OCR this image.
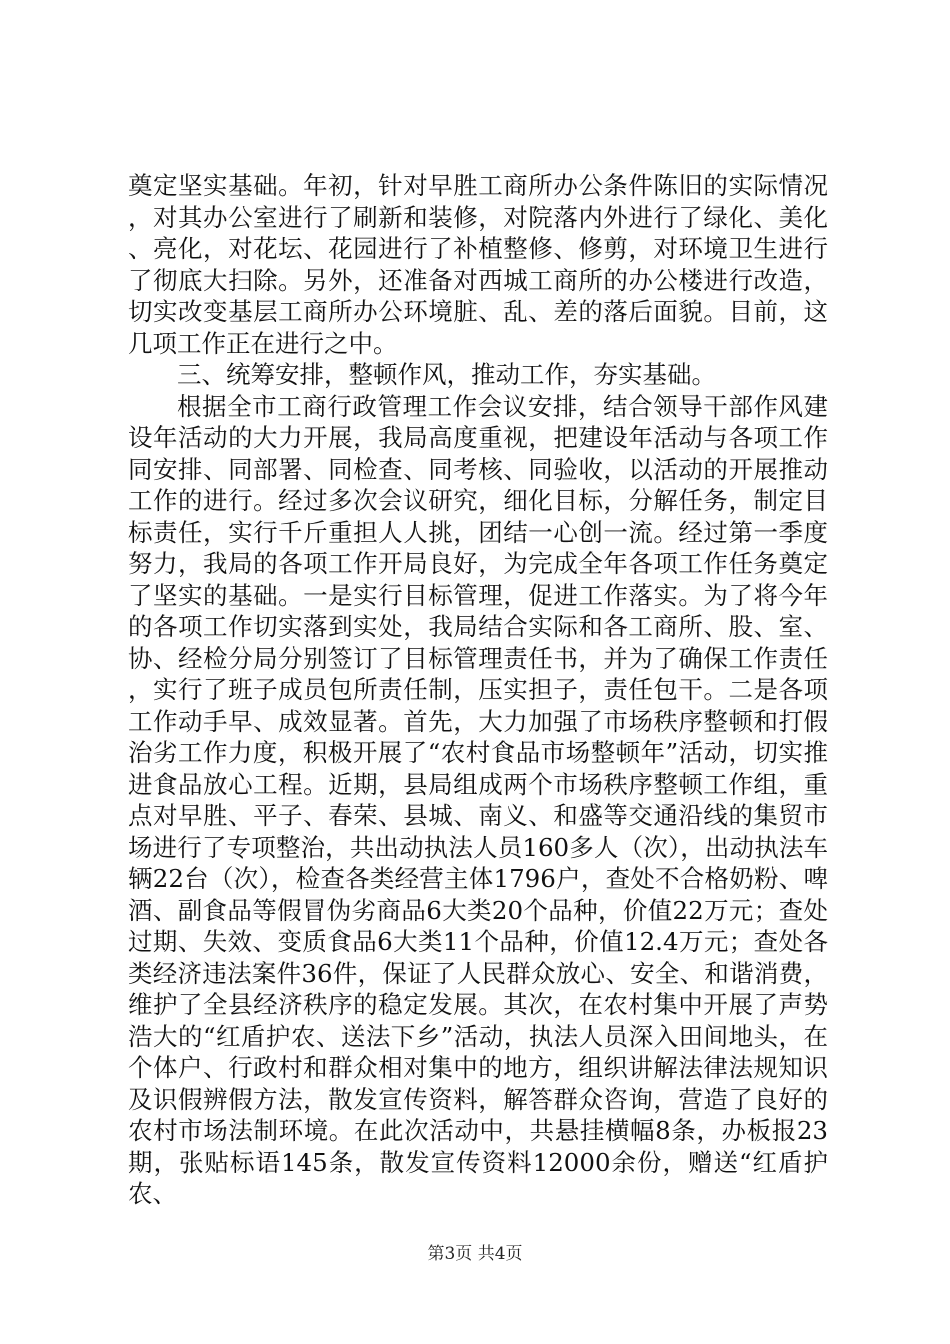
奠定坚实基础。年初，针对早胜工商所办公条件陈旧的实际情况，对其办公室进行了刷新和装修，对院落内外进行了绿化、美化、亮化，对花坛、花园进行了补植整修、修剪，对环境卫生进行了彻底大扫除。另外，还准备对西城工商所的办公楼进行改造，切实改变基层工商所办公环境脏、乱、差的落后面貌。目前，这几项工作正在进行之中。

三、统筹安排，整顿作风，推动工作，夯实基础。

根据全市工商行政管理工作会议安排，结合领导干部作风建设年活动的大力开展，我局高度重视，把建设年活动与各项工作同安排、同部署、同检查、同考核、同验收，以活动的开展推动工作的进行。经过多次会议研究，细化目标，分解任务，制定目标责任，实行千斤重担人人挑，团结一心创一流。经过第一季度努力，我局的各项工作开局良好，为完成全年各项工作任务奠定了坚实的基础。一是实行目标管理，促进工作落实。为了将今年的各项工作切实落到实处，我局结合实际和各工商所、股、室、协、经检分局分别签订了目标管理责任书，并为了确保工作责任，实行了班子成员包所责任制，压实担子，责任包干。二是各项工作动手早、成效显著。首先，大力加强了市场秩序整顿和打假治劣工作力度，积极开展了“农村食品市场整顿年”活动，切实推进食品放心工程。近期，县局组成两个市场秩序整顿工作组，重点对早胜、平子、春荣、县城、南义、和盛等交通沿线的集贸市场进行了专项整治，共出动执法人员160多人（次），出动执法车辆22台（次），检查各类经营主体1796户，查处不合格奶粉、啤酒、副食品等假冒伪劣商品6大类20个品种，价值22万元；查处过期、失效、变质食品6大类11个品种，价值12.4万元；查处各类经济违法案件36件，保证了人民群众放心、安全、和谐消费，维护了全县经济秩序的稳定发展。其次，在农村集中开展了声势浩大的“红盾护农、送法下乡”活动，执法人员深入田间地头，在个体户、行政村和群众相对集中的地方，组织讲解法律法规知识及识假辨假方法，散发宣传资料，解答群众咨询，营造了良好的农村市场法制环境。在此次活动中，共悬挂横幅8条，办板报23期，张贴标语145条，散发宣传资料12000余份，赠送“红盾护农、

第3页 共4页
